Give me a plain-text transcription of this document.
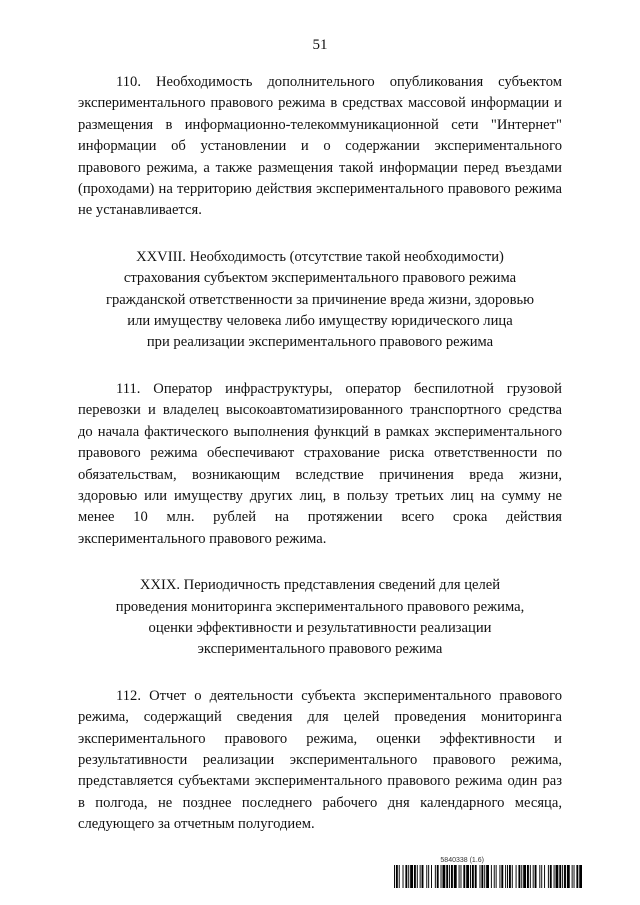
51

110. Необходимость дополнительного опубликования субъектом экспериментального правового режима в средствах массовой информации и размещения в информационно-телекоммуникационной сети "Интернет" информации об установлении и о содержании экспериментального правового режима, а также размещения такой информации перед въездами (проходами) на территорию действия экспериментального правового режима не устанавливается.

XXVIII. Необходимость (отсутствие такой необходимости)
страхования субъектом экспериментального правового режима
гражданской ответственности за причинение вреда жизни, здоровью
или имуществу человека либо имуществу юридического лица
при реализации экспериментального правового режима

111. Оператор инфраструктуры, оператор беспилотной грузовой перевозки и владелец высокоавтоматизированного транспортного средства до начала фактического выполнения функций в рамках экспериментального правового режима обеспечивают страхование риска ответственности по обязательствам, возникающим вследствие причинения вреда жизни, здоровью или имуществу других лиц, в пользу третьих лиц на сумму не менее 10 млн. рублей на протяжении всего срока действия экспериментального правового режима.

XXIX. Периодичность представления сведений для целей
проведения мониторинга экспериментального правового режима,
оценки эффективности и результативности реализации
экспериментального правового режима

112. Отчет о деятельности субъекта экспериментального правового режима, содержащий сведения для целей проведения мониторинга экспериментального правового режима, оценки эффективности и результативности реализации экспериментального правового режима, представляется субъектами экспериментального правового режима один раз в полгода, не позднее последнего рабочего дня календарного месяца, следующего за отчетным полугодием.

5840338 (1.6)
